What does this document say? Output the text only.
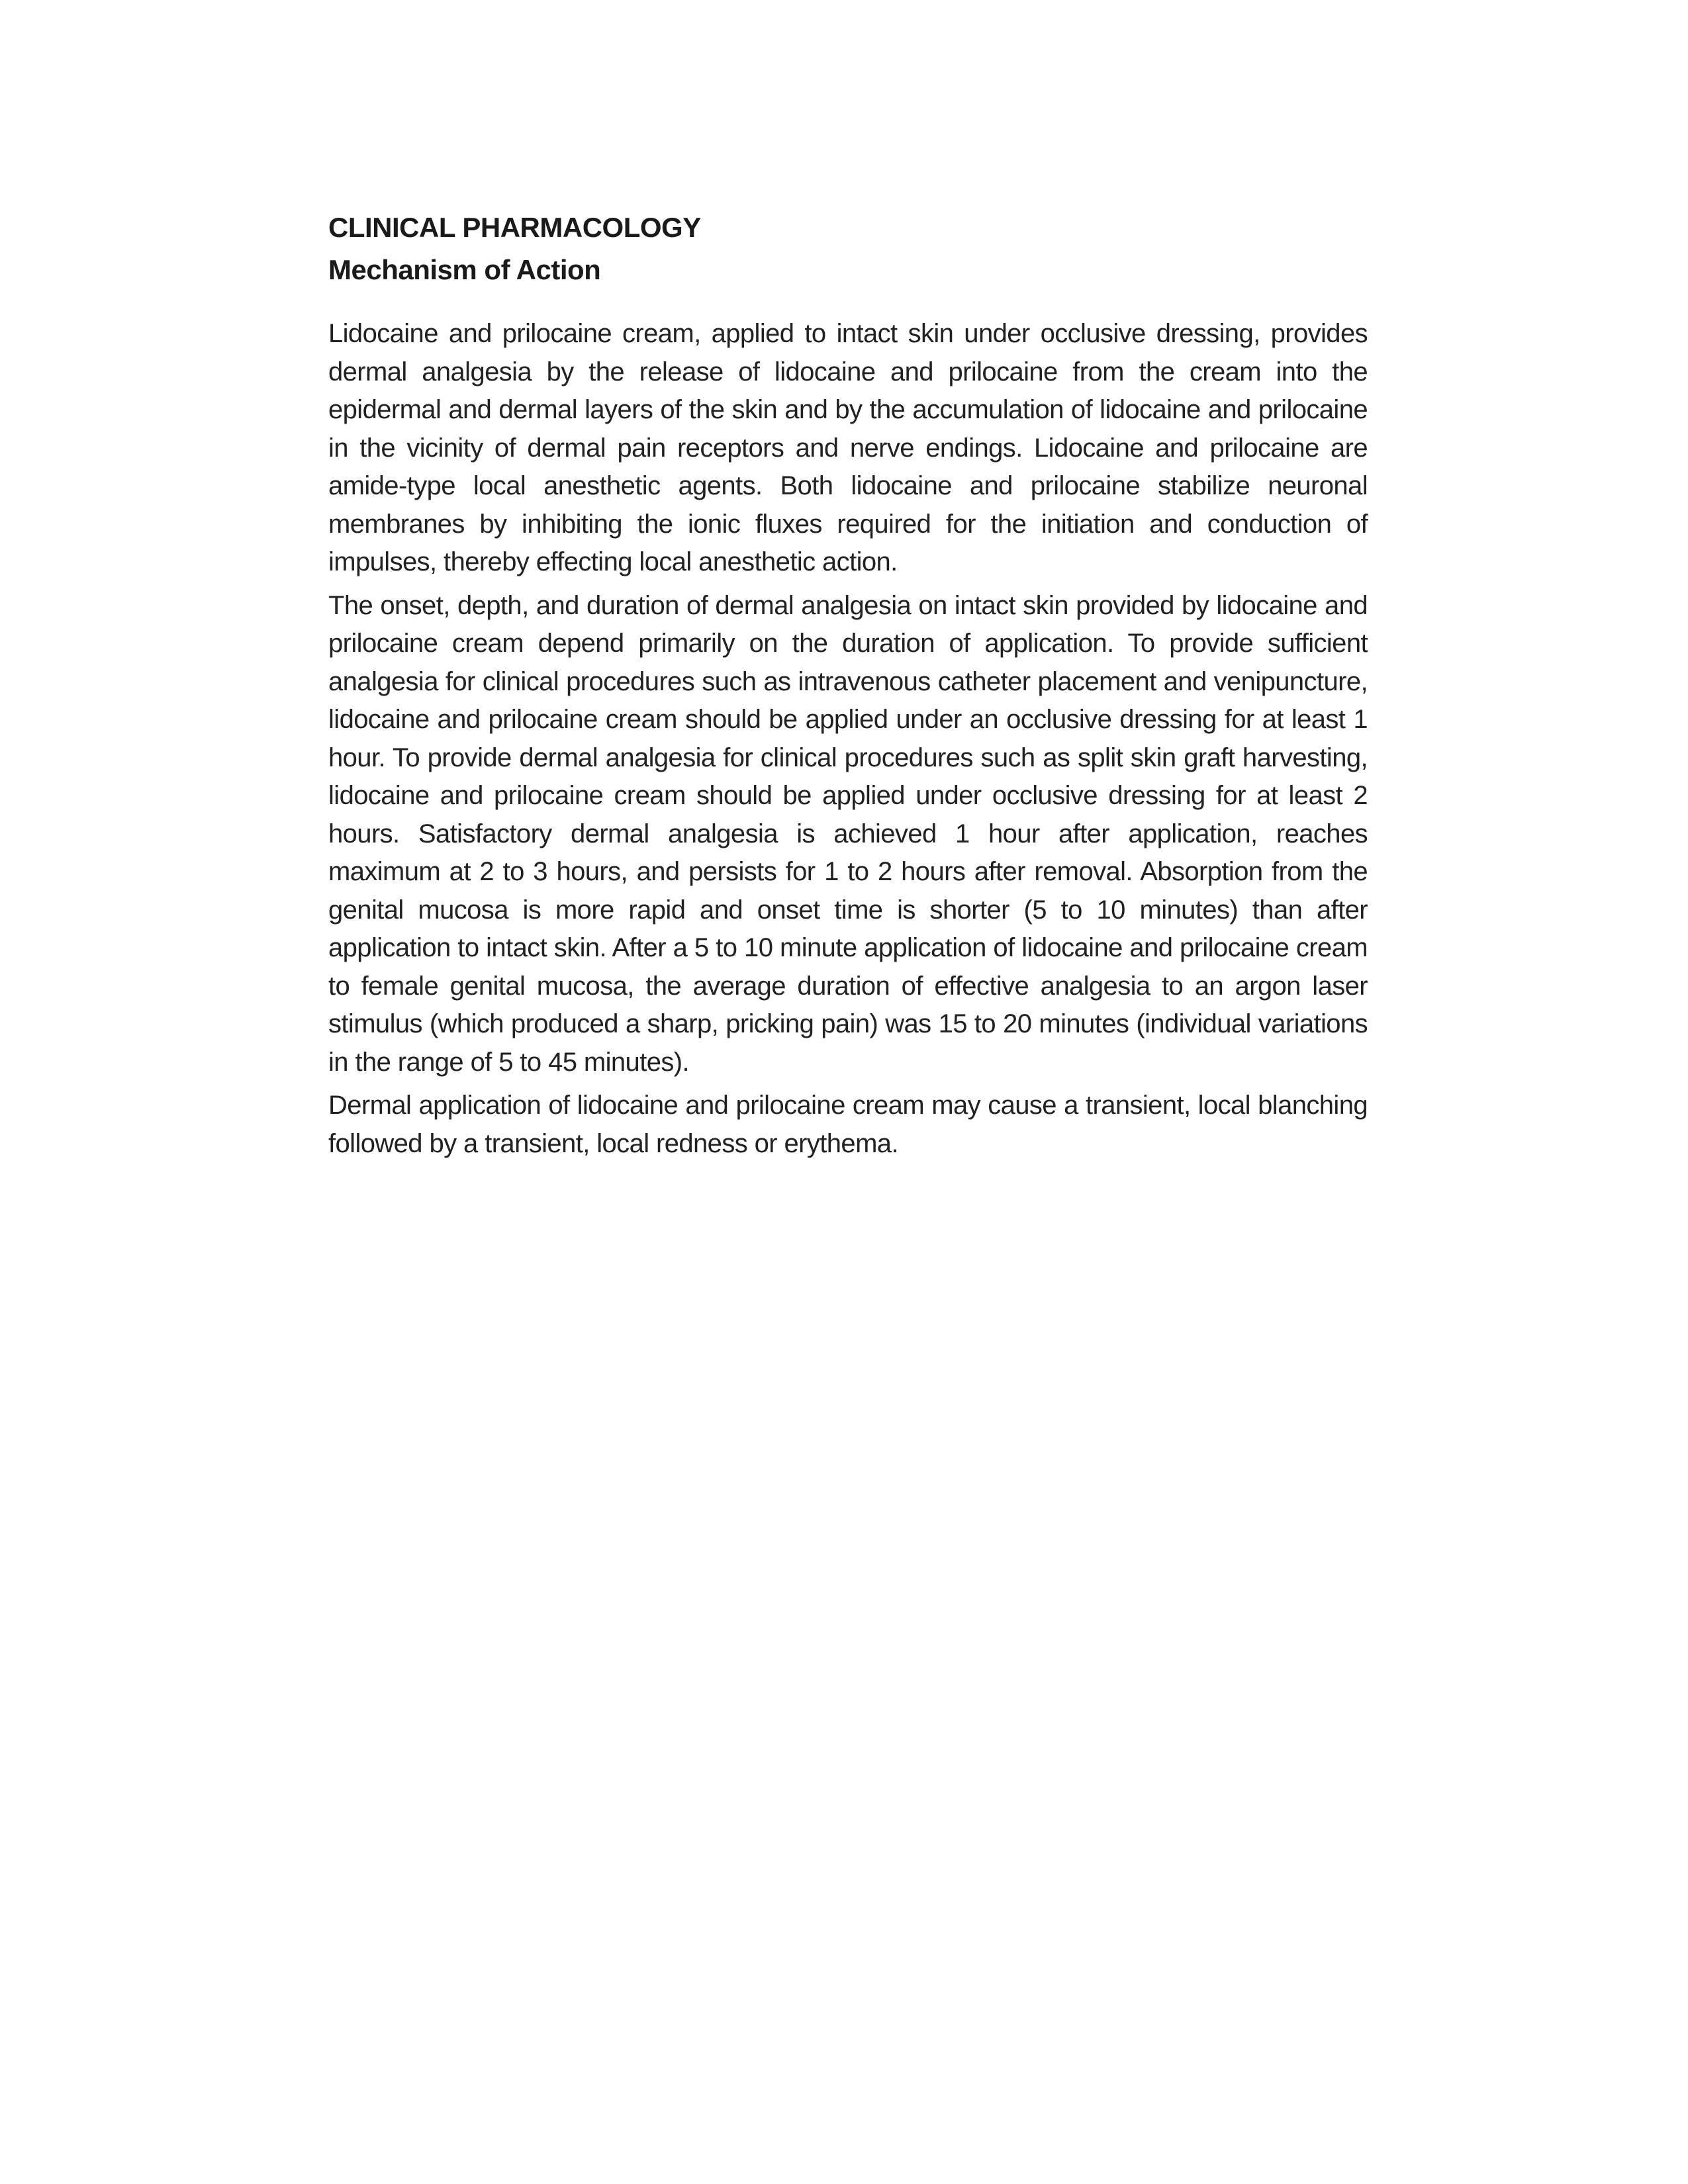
CLINICAL PHARMACOLOGY
Mechanism of Action

Lidocaine and prilocaine cream, applied to intact skin under occlusive dressing, provides dermal analgesia by the release of lidocaine and prilocaine from the cream into the epidermal and dermal layers of the skin and by the accumulation of lidocaine and prilocaine in the vicinity of dermal pain receptors and nerve endings. Lidocaine and prilocaine are amide-type local anesthetic agents. Both lidocaine and prilocaine stabilize neuronal membranes by inhibiting the ionic fluxes required for the initiation and conduction of impulses, thereby effecting local anesthetic action.

The onset, depth, and duration of dermal analgesia on intact skin provided by lidocaine and prilocaine cream depend primarily on the duration of application. To provide sufficient analgesia for clinical procedures such as intravenous catheter placement and venipuncture, lidocaine and prilocaine cream should be applied under an occlusive dressing for at least 1 hour. To provide dermal analgesia for clinical procedures such as split skin graft harvesting, lidocaine and prilocaine cream should be applied under occlusive dressing for at least 2 hours. Satisfactory dermal analgesia is achieved 1 hour after application, reaches maximum at 2 to 3 hours, and persists for 1 to 2 hours after removal. Absorption from the genital mucosa is more rapid and onset time is shorter (5 to 10 minutes) than after application to intact skin. After a 5 to 10 minute application of lidocaine and prilocaine cream to female genital mucosa, the average duration of effective analgesia to an argon laser stimulus (which produced a sharp, pricking pain) was 15 to 20 minutes (individual variations in the range of 5 to 45 minutes).

Dermal application of lidocaine and prilocaine cream may cause a transient, local blanching followed by a transient, local redness or erythema.
